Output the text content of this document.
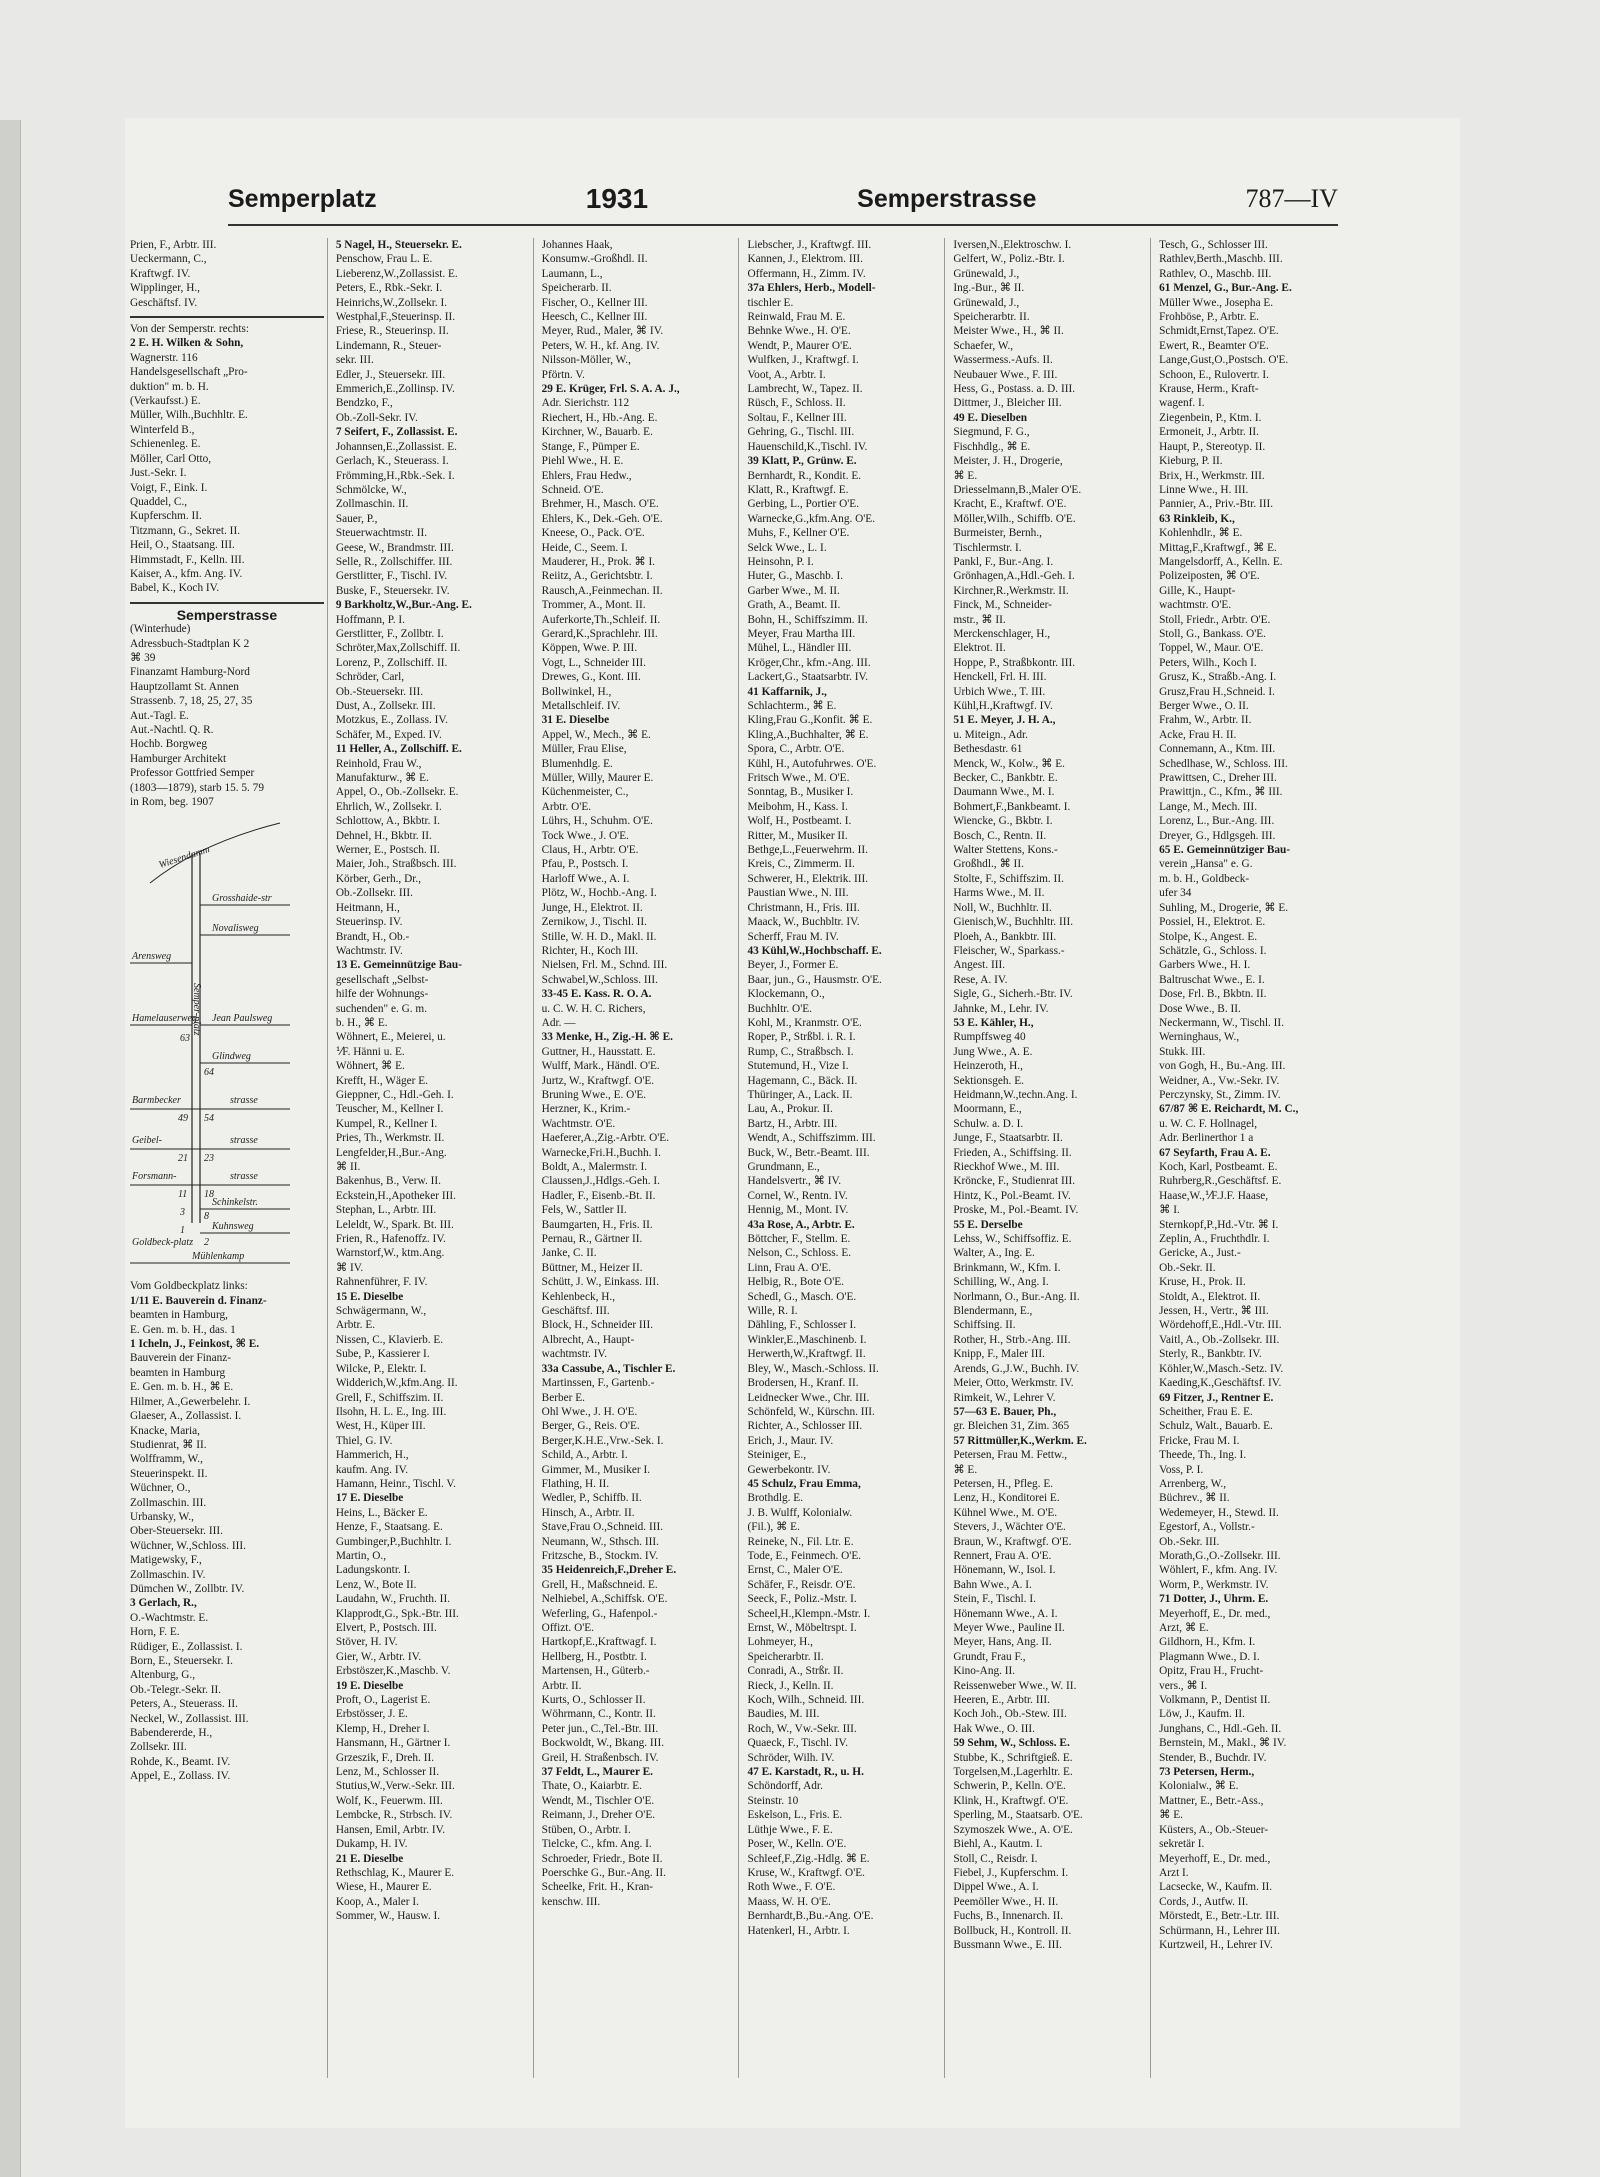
Semperplatz	1931	Semperstrasse	787—IV
Prien, F., Arbtr. III.
Ueckermann, C.,
Kraftwgf. IV.
Wipplinger, H.,
Geschäftsf. IV.
Von der Semperstr. rechts:
2 E. H. Wilken & Sohn,
Wagnerstr. 116
Handelsgesellschaft „Pro-
duktion" m. b. H.
(Verkaufsst.) E.
Müller, Wilh.,Buchhltr. E.
Winterfeld B.,
Schienenleg. E.
Möller, Carl Otto,
Just.-Sekr. I.
Voigt, F., Eink. I.
Quaddel, C.,
Kupferschm. II.
Titzmann, G., Sekret. II.
Heil, O., Staatsang. III.
Himmstadt, F., Kelln. III.
Kaiser, A., kfm. Ang. IV.
Babel, K., Koch IV.
Semperstrasse
(Winterhude)
Adressbuch-Stadtplan K 2
⌘ 39
Finanzamt Hamburg-Nord
Hauptzollamt St. Annen
Strassenb. 7, 18, 25, 27, 35
Aut.-Tagl. E.
Aut.-Nachtl. Q. R.
Hochb. Borgweg
Hamburger Architekt
Professor Gottfried Semper
(1803—1879), starb 15. 5. 79
in Rom, beg. 1907
Wiesendamm
Grosshaide-str
Novalisweg
Arensweg
Semper-platz
Hamelauserweg Jean Paulsweg
63
Glindweg
64
Barmbecker	strasse
49 54
Geibel-	strasse
21 23
Forsmann-	strasse
11 18
Schinkelstr.
3 8
Kuhnsweg
1
2
Goldbeck-platz
Mühlenkamp
Vom Goldbeckplatz links:
1/11 E. Bauverein d. Finanz-
beamten in Hamburg,
E. Gen. m. b. H., das. 1
1 Icheln, J., Feinkost, ⌘ E.
Bauverein der Finanz-
beamten in Hamburg
E. Gen. m. b. H., ⌘ E.
Hilmer, A.,Gewerbelehr. I.
Glaeser, A., Zollassist. I.
Knacke, Maria,
Studienrat, ⌘ II.
Wolfframm, W.,
Steuerinspekt. II.
Wüchner, O.,
Zollmaschin. III.
Urbansky, W.,
Ober-Steuersekr. III.
Wüchner, W.,Schloss. III.
Matigewsky, F.,
Zollmaschin. IV.
Dümchen W., Zollbtr. IV.
3 Gerlach, R.,
O.-Wachtmstr. E.
Horn, F. E.
Rüdiger, E., Zollassist. I.
Born, E., Steuersekr. I.
Altenburg, G.,
Ob.-Telegr.-Sekr. II.
Peters, A., Steuerass. II.
Neckel, W., Zollassist. III.
Babendererde, H.,
Zollsekr. III.
Rohde, K., Beamt. IV.
Appel, E., Zollass. IV.
5 Nagel, H., Steuersekr. E.
Penschow, Frau L. E.
Lieberenz,W.,Zollassist. E.
Peters, E., Rbk.-Sekr. I.
Heinrichs,W.,Zollsekr. I.
Westphal,F.,Steuerinsp. II.
Friese, R., Steuerinsp. II.
Lindemann, R., Steuer-
sekr. III.
Edler, J., Steuersekr. III.
Emmerich,E.,Zollinsp. IV.
Bendzko, F.,
Ob.-Zoll-Sekr. IV.
7 Seifert, F., Zollassist. E.
Johannsen,E.,Zollassist. E.
Gerlach, K., Steuerass. I.
Frömming,H.,Rbk.-Sek. I.
Schmölcke, W.,
Zollmaschin. II.
Sauer, P.,
Steuerwachtmstr. II.
Geese, W., Brandmstr. III.
Selle, R., Zollschiffer. III.
Gerstlitter, F., Tischl. IV.
Buske, F., Steuersekr. IV.
9 Barkholtz,W.,Bur.-Ang. E.
Hoffmann, P. I.
Gerstlitter, F., Zollbtr. I.
Schröter,Max,Zollschiff. II.
Lorenz, P., Zollschiff. II.
Schröder, Carl,
Ob.-Steuersekr. III.
Dust, A., Zollsekr. III.
Motzkus, E., Zollass. IV.
Schäfer, M., Exped. IV.
11 Heller, A., Zollschiff. E.
Reinhold, Frau W.,
Manufakturw., ⌘ E.
Appel, O., Ob.-Zollsekr. E.
Ehrlich, W., Zollsekr. I.
Schlottow, A., Bkbtr. I.
Dehnel, H., Bkbtr. II.
Werner, E., Postsch. II.
Maier, Joh., Straßbsch. III.
Körber, Gerh., Dr.,
Ob.-Zollsekr. III.
Heitmann, H.,
Steuerinsp. IV.
Brandt, H., Ob.-
Wachtmstr. IV.
13 E. Gemeinnützige Bau-
gesellschaft „Selbst-
hilfe der Wohnungs-
suchenden" e. G. m.
b. H., ⌘ E.
Wöhnert, E., Meierei, u.
⅟F. Hänni u. E.
Wöhnert, ⌘ E.
Krefft, H., Wäger E.
Gieppner, C., Hdl.-Geh. I.
Teuscher, M., Kellner I.
Kumpel, R., Kellner I.
Pries, Th., Werkmstr. II.
Lengfelder,H.,Bur.-Ang.
⌘ II.
Bakenhus, B., Verw. II.
Eckstein,H.,Apotheker III.
Stephan, L., Arbtr. III.
Leleldt, W., Spark. Bt. III.
Frien, R., Hafenoffz. IV.
Warnstorf,W., ktm.Ang.
⌘ IV.
Rahnenführer, F. IV.
15 E. Dieselbe
Schwägermann, W.,
Arbtr. E.
Nissen, C., Klavierb. E.
Sube, P., Kassierer I.
Wilcke, P., Elektr. I.
Widderich,W.,kfm.Ang. II.
Grell, F., Schiffszim. II.
Ilsohn, H. L. E., Ing. III.
West, H., Küper III.
Thiel, G. IV.
Hammerich, H.,
kaufm. Ang. IV.
Hamann, Heinr., Tischl. V.
17 E. Dieselbe
Heins, L., Bäcker E.
Henze, F., Staatsang. E.
Gumbinger,P.,Buchhltr. I.
Martin, O.,
Ladungskontr. I.
Lenz, W., Bote II.
Laudahn, W., Fruchth. II.
Klapprodt,G., Spk.-Btr. III.
Elvert, P., Postsch. III.
Stöver, H. IV.
Gier, W., Arbtr. IV.
Erbstöszer,K.,Maschb. V.
19 E. Dieselbe
Proft, O., Lagerist E.
Erbstösser, J. E.
Klemp, H., Dreher I.
Hansmann, H., Gärtner I.
Grzeszik, F., Dreh. II.
Lenz, M., Schlosser II.
Stutius,W.,Verw.-Sekr. III.
Wolf, K., Feuerwm. III.
Lembcke, R., Strbsch. IV.
Hansen, Emil, Arbtr. IV.
Dukamp, H. IV.
21 E. Dieselbe
Rethschlag, K., Maurer E.
Wiese, H., Maurer E.
Koop, A., Maler I.
Sommer, W., Hausw. I.
Johannes Haak,
Konsumw.-Großhdl. II.
Laumann, L.,
Speicherarb. II.
Fischer, O., Kellner III.
Heesch, C., Kellner III.
Meyer, Rud., Maler, ⌘ IV.
Peters, W. H., kf. Ang. IV.
Nilsson-Möller, W.,
Pförtn. V.
29 E. Krüger, Frl. S. A. A. J.,
Adr. Sierichstr. 112
Riechert, H., Hb.-Ang. E.
Kirchner, W., Bauarb. E.
Stange, F., Pümper E.
Piehl Wwe., H. E.
Ehlers, Frau Hedw.,
Schneid. O'E.
Brehmer, H., Masch. O'E.
Ehlers, K., Dek.-Geh. O'E.
Kneese, O., Pack. O'E.
Heide, C., Seem. I.
Mauderer, H., Prok. ⌘ I.
Reiitz, A., Gerichtsbtr. I.
Rausch,A.,Feinmechan. II.
Trommer, A., Mont. II.
Auferkorte,Th.,Schleif. II.
Gerard,K.,Sprachlehr. III.
Köppen, Wwe. P. III.
Vogt, L., Schneider III.
Drewes, G., Kont. III.
Bollwinkel, H.,
Metallschleif. IV.
31 E. Dieselbe
Appel, W., Mech., ⌘ E.
Müller, Frau Elise,
Blumenhdlg. E.
Müller, Willy, Maurer E.
Küchenmeister, C.,
Arbtr. O'E.
Lührs, H., Schuhm. O'E.
Tock Wwe., J. O'E.
Claus, H., Arbtr. O'E.
Pfau, P., Postsch. I.
Harloff Wwe., A. I.
Plötz, W., Hochb.-Ang. I.
Junge, H., Elektrot. II.
Zernikow, J., Tischl. II.
Stille, W. H. D., Makl. II.
Richter, H., Koch III.
Nielsen, Frl. M., Schnd. III.
Schwabel,W.,Schloss. III.
33-45 E. Kass. R. O. A.
u. C. W. H. C. Richers,
Adr. —
33 Menke, H., Zig.-H. ⌘ E.
Guttner, H., Hausstatt. E.
Wulff, Mark., Händl. O'E.
Jurtz, W., Kraftwgf. O'E.
Bruning Wwe., E. O'E.
Herzner, K., Krim.-
Wachtmstr. O'E.
Haeferer,A.,Zig.-Arbtr. O'E.
Warnecke,Fri.H.,Buchh. I.
Boldt, A., Malermstr. I.
Claussen,J.,Hdlgs.-Geh. I.
Hadler, F., Eisenb.-Bt. II.
Fels, W., Sattler II.
Baumgarten, H., Fris. II.
Pernau, R., Gärtner II.
Janke, C. II.
Büttner, M., Heizer II.
Schütt, J. W., Einkass. III.
Kehlenbeck, H.,
Geschäftsf. III.
Block, H., Schneider III.
Albrecht, A., Haupt-
wachtmstr. IV.
33a Cassube, A., Tischler E.
Martinssen, F., Gartenb.-
Berber E.
Ohl Wwe., J. H. O'E.
Berger, G., Reis. O'E.
Berger,K.H.E.,Vrw.-Sek. I.
Schild, A., Arbtr. I.
Gimmer, M., Musiker I.
Flathing, H. II.
Wedler, P., Schiffb. II.
Hinsch, A., Arbtr. II.
Stave,Frau O.,Schneid. III.
Neumann, W., Sthsch. III.
Fritzsche, B., Stockm. IV.
35 Heidenreich,F.,Dreher E.
Grell, H., Maßschneid. E.
Nelhiebel, A.,Schiffsk. O'E.
Weferling, G., Hafenpol.-
Offizt. O'E.
Hartkopf,E.,Kraftwagf. I.
Hellberg, H., Postbtr. I.
Martensen, H., Güterb.-
Arbtr. II.
Kurts, O., Schlosser II.
Wöhrmann, C., Kontr. II.
Peter jun., C.,Tel.-Btr. III.
Bockwoldt, W., Bkang. III.
Greil, H. Straßenbsch. IV.
37 Feldt, L., Maurer E.
Thate, O., Kaiarbtr. E.
Wendt, M., Tischler O'E.
Reimann, J., Dreher O'E.
Stüben, O., Arbtr. I.
Tielcke, C., kfm. Ang. I.
Schroeder, Friedr., Bote II.
Poerschke G., Bur.-Ang. II.
Scheelke, Frit. H., Kran-
kenschw. III.
Liebscher, J., Kraftwgf. III.
Kannen, J., Elektrom. III.
Offermann, H., Zimm. IV.
37a Ehlers, Herb., Modell-
tischler E.
Reinwald, Frau M. E.
Behnke Wwe., H. O'E.
Wendt, P., Maurer O'E.
Wulfken, J., Kraftwgf. I.
Voot, A., Arbtr. I.
Lambrecht, W., Tapez. II.
Rüsch, F., Schloss. II.
Soltau, F., Kellner III.
Gehring, G., Tischl. III.
Hauenschild,K.,Tischl. IV.
39 Klatt, P., Grünw. E.
Bernhardt, R., Kondit. E.
Klatt, R., Kraftwgf. E.
Gerbing, L., Portier O'E.
Warnecke,G.,kfm.Ang. O'E.
Muhs, F., Kellner O'E.
Selck Wwe., L. I.
Heinsohn, P. I.
Huter, G., Maschb. I.
Garber Wwe., M. II.
Grath, A., Beamt. II.
Bohn, H., Schiffszimm. II.
Meyer, Frau Martha III.
Mühel, L., Händler III.
Kröger,Chr., kfm.-Ang. III.
Lackert,G., Staatsarbtr. IV.
41 Kaffarnik, J.,
Schlachterm., ⌘ E.
Kling,Frau G.,Konfit. ⌘ E.
Kling,A.,Buchhalter, ⌘ E.
Spora, C., Arbtr. O'E.
Kühl, H., Autofuhrwes. O'E.
Fritsch Wwe., M. O'E.
Sonntag, B., Musiker I.
Meibohm, H., Kass. I.
Wolf, H., Postbeamt. I.
Ritter, M., Musiker II.
Bethge,L.,Feuerwehrm. II.
Kreis, C., Zimmerm. II.
Schwerer, H., Elektrik. III.
Paustian Wwe., N. III.
Christmann, H., Fris. III.
Maack, W., Buchbltr. IV.
Scherff, Frau M. IV.
43 Kühl,W.,Hochbschaff. E.
Beyer, J., Former E.
Baar, jun., G., Hausmstr. O'E.
Klockemann, O.,
Buchhltr. O'E.
Kohl, M., Kranmstr. O'E.
Roper, P., Strßbl. i. R. I.
Rump, C., Straßbsch. I.
Stutemund, H., Vize I.
Hagemann, C., Bäck. II.
Thüringer, A., Lack. II.
Lau, A., Prokur. II.
Bartz, H., Arbtr. III.
Wendt, A., Schiffszimm. III.
Buck, W., Betr.-Beamt. III.
Grundmann, E.,
Handelsvertr., ⌘ IV.
Cornel, W., Rentn. IV.
Hennig, M., Mont. IV.
43a Rose, A., Arbtr. E.
Böttcher, F., Stellm. E.
Nelson, C., Schloss. E.
Linn, Frau A. O'E.
Helbig, R., Bote O'E.
Schedl, G., Masch. O'E.
Wille, R. I.
Dähling, F., Schlosser I.
Winkler,E.,Maschinenb. I.
Herwerth,W.,Kraftwgf. II.
Bley, W., Masch.-Schloss. II.
Brodersen, H., Kranf. II.
Leidnecker Wwe., Chr. III.
Schönfeld, W., Kürschn. III.
Richter, A., Schlosser III.
Erich, J., Maur. IV.
Steiniger, E.,
Gewerbekontr. IV.
45 Schulz, Frau Emma,
Brothdlg. E.
J. B. Wulff, Kolonialw.
(Fil.), ⌘ E.
Reineke, N., Fil. Ltr. E.
Tode, E., Feinmech. O'E.
Ernst, C., Maler O'E.
Schäfer, F., Reisdr. O'E.
Seeck, F., Poliz.-Mstr. I.
Scheel,H.,Klempn.-Mstr. I.
Ernst, W., Möbeltrspt. I.
Lohmeyer, H.,
Speicherarbtr. II.
Conradi, A., Strßr. II.
Rieck, J., Kelln. II.
Koch, Wilh., Schneid. III.
Baudies, M. III.
Roch, W., Vw.-Sekr. III.
Quaeck, F., Tischl. IV.
Schröder, Wilh. IV.
47 E. Karstadt, R., u. H.
Schöndorff, Adr.
Steinstr. 10
Eskelson, L., Fris. E.
Lüthje Wwe., F. E.
Poser, W., Kelln. O'E.
Schleef,F.,Zig.-Hdlg. ⌘ E.
Kruse, W., Kraftwgf. O'E.
Roth Wwe., F. O'E.
Maass, W. H. O'E.
Bernhardt,B.,Bu.-Ang. O'E.
Hatenkerl, H., Arbtr. I.
Iversen,N.,Elektroschw. I.
Gelfert, W., Poliz.-Btr. I.
Grünewald, J.,
Ing.-Bur., ⌘ II.
Grünewald, J.,
Speicherarbtr. II.
Meister Wwe., H., ⌘ II.
Schaefer, W.,
Wassermess.-Aufs. II.
Neubauer Wwe., F. III.
Hess, G., Postass. a. D. III.
Dittmer, J., Bleicher III.
49 E. Dieselben
Siegmund, F. G.,
Fischhdlg., ⌘ E.
Meister, J. H., Drogerie,
⌘ E.
Driesselmann,B.,Maler O'E.
Kracht, E., Kraftwf. O'E.
Möller,Wilh., Schiffb. O'E.
Burmeister, Bernh.,
Tischlermstr. I.
Pankl, F., Bur.-Ang. I.
Grönhagen,A.,Hdl.-Geh. I.
Kirchner,R.,Werkmstr. II.
Finck, M., Schneider-
mstr., ⌘ II.
Merckenschlager, H.,
Elektrot. II.
Hoppe, P., Straßbkontr. III.
Henckell, Frl. H. III.
Urbich Wwe., T. III.
Kühl,H.,Kraftwgf. IV.
51 E. Meyer, J. H. A.,
u. Miteign., Adr.
Bethesdastr. 61
Menck, W., Kolw., ⌘ E.
Becker, C., Bankbtr. E.
Daumann Wwe., M. I.
Bohmert,F.,Bankbeamt. I.
Wiencke, G., Bkbtr. I.
Bosch, C., Rentn. II.
Walter Stettens, Kons.-
Großhdl., ⌘ II.
Stolte, F., Schiffszim. II.
Harms Wwe., M. II.
Noll, W., Buchhltr. II.
Gienisch,W., Buchhltr. III.
Ploeh, A., Bankbtr. III.
Fleischer, W., Sparkass.-
Angest. III.
Rese, A. IV.
Sigle, G., Sicherh.-Btr. IV.
Jahnke, M., Lehr. IV.
53 E. Kähler, H.,
Rumpffsweg 40
Jung Wwe., A. E.
Heinzeroth, H.,
Sektionsgeh. E.
Heidmann,W.,techn.Ang. I.
Moormann, E.,
Schulw. a. D. I.
Junge, F., Staatsarbtr. II.
Frieden, A., Schiffsing. II.
Rieckhof Wwe., M. III.
Kröncke, F., Studienrat III.
Hintz, K., Pol.-Beamt. IV.
Proske, M., Pol.-Beamt. IV.
55 E. Derselbe
Lehss, W., Schiffsoffiz. E.
Walter, A., Ing. E.
Brinkmann, W., Kfm. I.
Schilling, W., Ang. I.
Norlmann, O., Bur.-Ang. II.
Blendermann, E.,
Schiffsing. II.
Rother, H., Strb.-Ang. III.
Knipp, F., Maler III.
Arends, G.,J.W., Buchh. IV.
Meier, Otto, Werkmstr. IV.
Rimkeit, W., Lehrer V.
57—63 E. Bauer, Ph.,
gr. Bleichen 31, Zim. 365
57 Rittmüller,K.,Werkm. E.
Petersen, Frau M. Fettw.,
⌘ E.
Petersen, H., Pfleg. E.
Lenz, H., Konditorei E.
Kühnel Wwe., M. O'E.
Stevers, J., Wächter O'E.
Braun, W., Kraftwgf. O'E.
Rennert, Frau A. O'E.
Hönemann, W., Isol. I.
Bahn Wwe., A. I.
Stein, F., Tischl. I.
Hönemann Wwe., A. I.
Meyer Wwe., Pauline II.
Meyer, Hans, Ang. II.
Grundt, Frau F.,
Kino-Ang. II.
Reissenweber Wwe., W. II.
Heeren, E., Arbtr. III.
Koch Joh., Ob.-Stew. III.
Hak Wwe., O. III.
59 Sehm, W., Schloss. E.
Stubbe, K., Schriftgieß. E.
Torgelsen,M.,Lagerhltr. E.
Schwerin, P., Kelln. O'E.
Klink, H., Kraftwgf. O'E.
Sperling, M., Staatsarb. O'E.
Szymoszek Wwe., A. O'E.
Biehl, A., Kautm. I.
Stoll, C., Reisdr. I.
Fiebel, J., Kupferschm. I.
Dippel Wwe., A. I.
Peemöller Wwe., H. II.
Fuchs, B., Innenarch. II.
Bollbuck, H., Kontroll. II.
Bussmann Wwe., E. III.
Tesch, G., Schlosser III.
Rathlev,Berth.,Maschb. III.
Rathlev, O., Maschb. III.
61 Menzel, G., Bur.-Ang. E.
Müller Wwe., Josepha E.
Frohböse, P., Arbtr. E.
Schmidt,Ernst,Tapez. O'E.
Ewert, R., Beamter O'E.
Lange,Gust,O.,Postsch. O'E.
Schoon, E., Rulovertr. I.
Krause, Herm., Kraft-
wagenf. I.
Ziegenbein, P., Ktm. I.
Ermoneit, J., Arbtr. II.
Haupt, P., Stereotyp. II.
Kieburg, P. II.
Brix, H., Werkmstr. III.
Linne Wwe., H. III.
Pannier, A., Priv.-Btr. III.
63 Rinkleib, K.,
Kohlenhdlr., ⌘ E.
Mittag,F.,Kraftwgf., ⌘ E.
Mangelsdorff, A., Kelln. E.
Polizeiposten, ⌘ O'E.
Gille, K., Haupt-
wachtmstr. O'E.
Stoll, Friedr., Arbtr. O'E.
Stoll, G., Bankass. O'E.
Toppel, W., Maur. O'E.
Peters, Wilh., Koch I.
Grusz, K., Straßb.-Ang. I.
Grusz,Frau H.,Schneid. I.
Berger Wwe., O. II.
Frahm, W., Arbtr. II.
Acke, Frau H. II.
Connemann, A., Ktm. III.
Schedlhase, W., Schloss. III.
Prawittsen, C., Dreher III.
Prawittjn., C., Kfm., ⌘ III.
Lange, M., Mech. III.
Lorenz, L., Bur.-Ang. III.
Dreyer, G., Hdlgsgeh. III.
65 E. Gemeinnütziger Bau-
verein „Hansa" e. G.
m. b. H., Goldbeck-
ufer 34
Suhling, M., Drogerie, ⌘ E.
Possiel, H., Elektrot. E.
Stolpe, K., Angest. E.
Schätzle, G., Schloss. I.
Garbers Wwe., H. I.
Baltruschat Wwe., E. I.
Dose, Frl. B., Bkbtn. II.
Dose Wwe., B. II.
Neckermann, W., Tischl. II.
Werninghaus, W.,
Stukk. III.
von Gogh, H., Bu.-Ang. III.
Weidner, A., Vw.-Sekr. IV.
Perczynsky, St., Zimm. IV.
67/87 ⌘ E. Reichardt, M. C.,
u. W. C. F. Hollnagel,
Adr. Berlinerthor 1 a
67 Seyfarth, Frau A. E.
Koch, Karl, Postbeamt. E.
Ruhrberg,R.,Geschäftsf. E.
Haase,W.,⅟F.J.F. Haase,
⌘ I.
Sternkopf,P.,Hd.-Vtr. ⌘ I.
Zeplin, A., Fruchthdlr. I.
Gericke, A., Just.-
Ob.-Sekr. II.
Kruse, H., Prok. II.
Stoldt, A., Elektrot. II.
Jessen, H., Vertr., ⌘ III.
Wördehoff,E.,Hdl.-Vtr. III.
Vaitl, A., Ob.-Zollsekr. III.
Sterly, R., Bankbtr. IV.
Köhler,W.,Masch.-Setz. IV.
Kaeding,K.,Geschäftsf. IV.
69 Fitzer, J., Rentner E.
Scheither, Frau E. E.
Schulz, Walt., Bauarb. E.
Fricke, Frau M. I.
Theede, Th., Ing. I.
Voss, P. I.
Arrenberg, W.,
Büchrev., ⌘ II.
Wedemeyer, H., Stewd. II.
Egestorf, A., Vollstr.-
Ob.-Sekr. III.
Morath,G.,O.-Zollsekr. III.
Wöhlert, F., kfm. Ang. IV.
Worm, P., Werkmstr. IV.
71 Dotter, J., Uhrm. E.
Meyerhoff, E., Dr. med.,
Arzt, ⌘ E.
Gildhorn, H., Kfm. I.
Plagmann Wwe., D. I.
Opitz, Frau H., Frucht-
vers., ⌘ I.
Volkmann, P., Dentist II.
Löw, J., Kaufm. II.
Junghans, C., Hdl.-Geh. II.
Bernstein, M., Makl., ⌘ IV.
Stender, B., Buchdr. IV.
73 Petersen, Herm.,
Kolonialw., ⌘ E.
Mattner, E., Betr.-Ass.,
⌘ E.
Küsters, A., Ob.-Steuer-
sekretär I.
Meyerhoff, E., Dr. med.,
Arzt I.
Lacsecke, W., Kaufm. II.
Cords, J., Autfw. II.
Mörstedt, E., Betr.-Ltr. III.
Schürmann, H., Lehrer III.
Kurtzweil, H., Lehrer IV.
